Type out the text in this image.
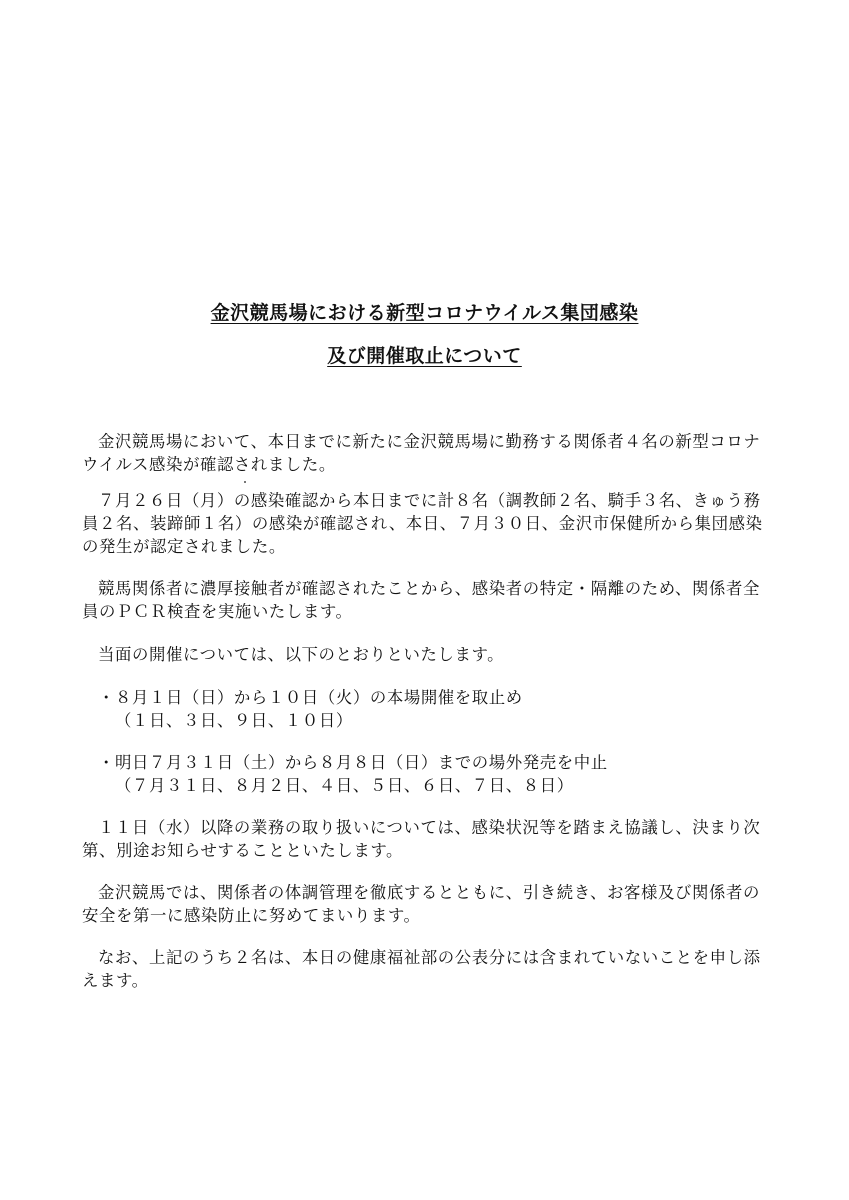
金沢競馬場における新型コロナウイルス集団感染
及び開催取止について
金沢競馬場において、本日までに新たに金沢競馬場に勤務する関係者４名の新型コロナ
ウイルス感染が確認されました。
７月２６日（月）の感染確認から本日までに計８名（調教師２名、騎手３名、きゅう務
員２名、装蹄師１名）の感染が確認され、本日、７月３０日、金沢市保健所から集団感染
の発生が認定されました。
競馬関係者に濃厚接触者が確認されたことから、感染者の特定・隔離のため、関係者全
員のＰＣＲ検査を実施いたします。
当面の開催については、以下のとおりといたします。
・８月１日（日）から１０日（火）の本場開催を取止め
（１日、３日、９日、１０日）
・明日７月３１日（土）から８月８日（日）までの場外発売を中止
（７月３１日、８月２日、４日、５日、６日、７日、８日）
１１日（水）以降の業務の取り扱いについては、感染状況等を踏まえ協議し、決まり次
第、別途お知らせすることといたします。
金沢競馬では、関係者の体調管理を徹底するとともに、引き続き、お客様及び関係者の
安全を第一に感染防止に努めてまいります。
なお、上記のうち２名は、本日の健康福祉部の公表分には含まれていないことを申し添
えます。
